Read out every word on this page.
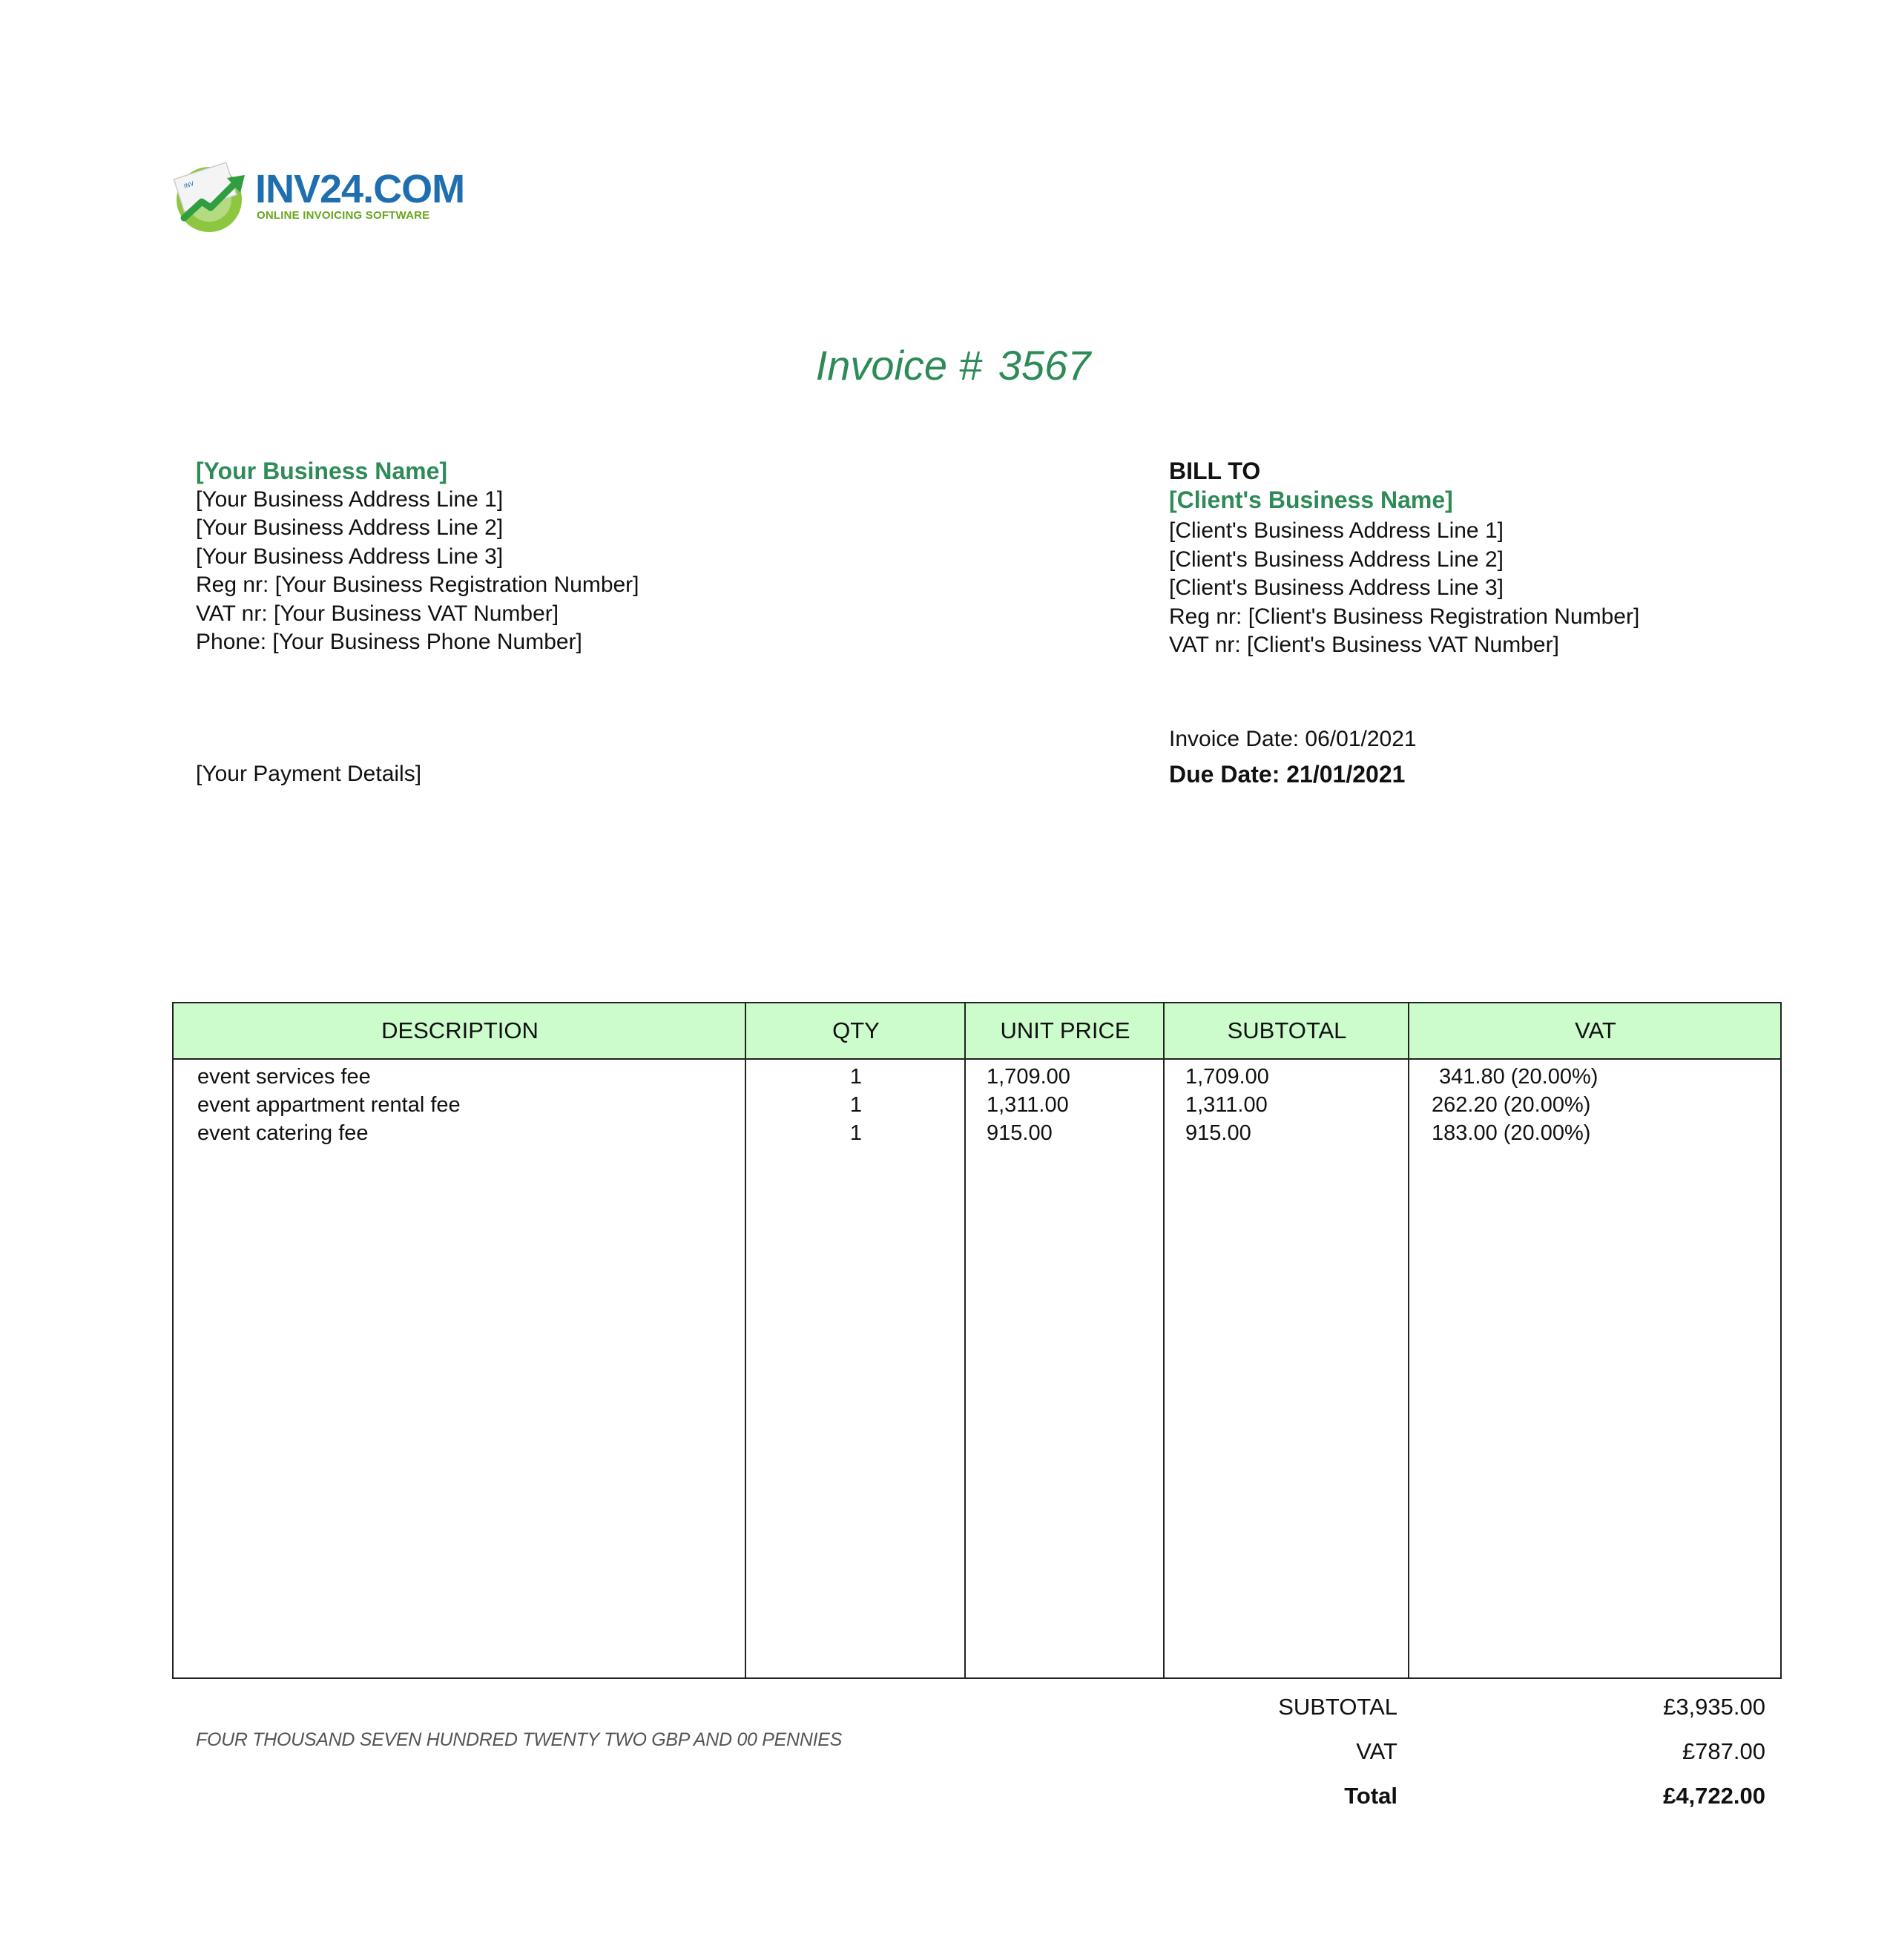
INV INV24.COM
ONLINE INVOICING SOFTWARE
Invoice # 3567
[Your Business Name]
[Your Business Address Line 1]
[Your Business Address Line 2]
[Your Business Address Line 3]
Reg nr: [Your Business Registration Number]
VAT nr: [Your Business VAT Number]
Phone: [Your Business Phone Number]
[Your Payment Details]
BILL TO
[Client's Business Name]
[Client's Business Address Line 1]
[Client's Business Address Line 2]
[Client's Business Address Line 3]
Reg nr: [Client's Business Registration Number]
VAT nr: [Client's Business VAT Number]
Invoice Date: 06/01/2021
Due Date: 21/01/2021
DESCRIPTION	QTY	UNIT PRICE	SUBTOTAL	VAT
event services fee	1	1,709.00	1,709.00	341.80 (20.00%)
event appartment rental fee	1	1,311.00	1,311.00	262.20 (20.00%)
event catering fee	1	915.00	915.00	183.00 (20.00%)
FOUR THOUSAND SEVEN HUNDRED TWENTY TWO GBP AND 00 PENNIES
SUBTOTAL	£3,935.00
VAT	£787.00
Total	£4,722.00
